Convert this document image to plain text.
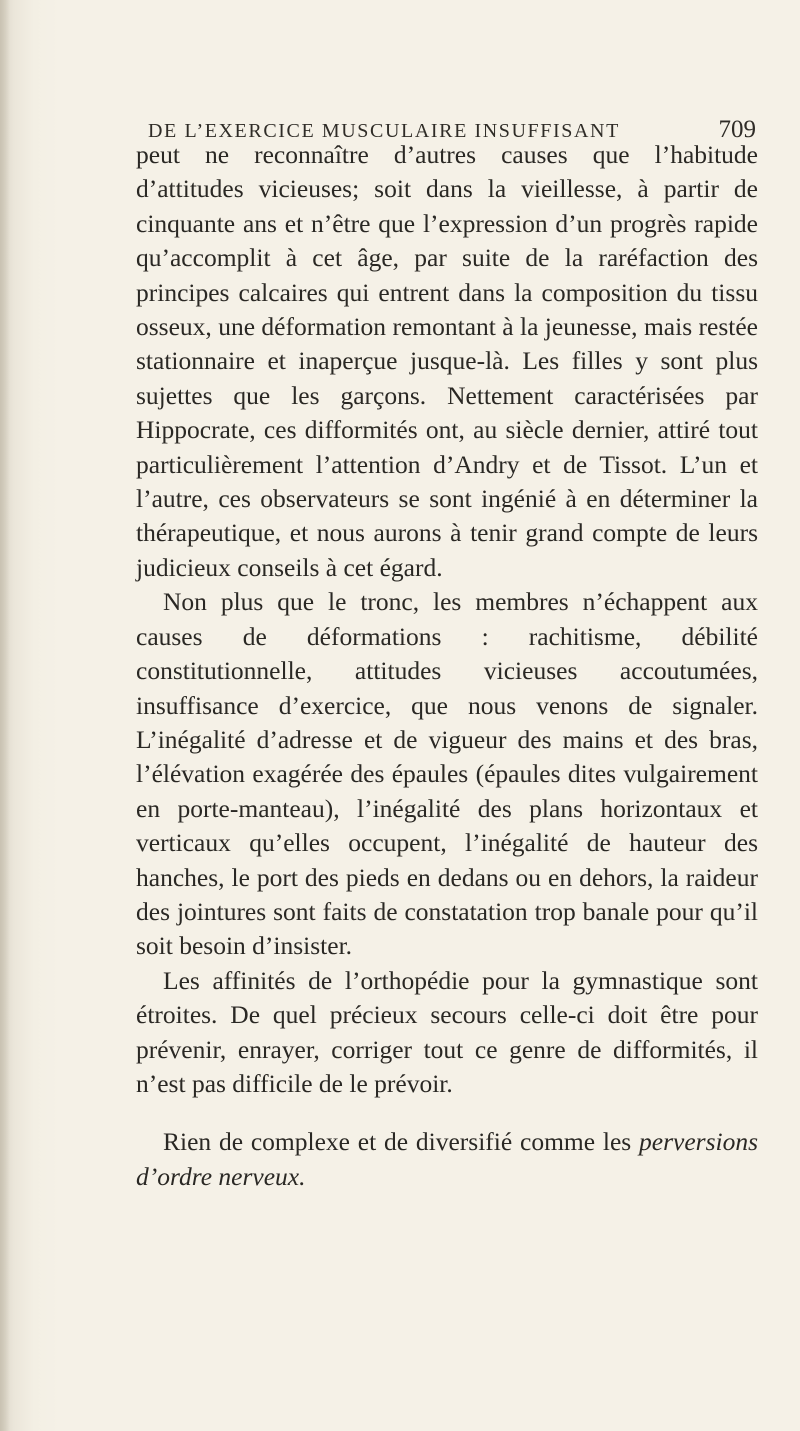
DE L’EXERCICE MUSCULAIRE INSUFFISANT	709

peut ne reconnaître d’autres causes que l’habitude d’attitudes vicieuses; soit dans la vieillesse, à partir de cinquante ans et n’être que l’expression d’un progrès rapide qu’accomplit à cet âge, par suite de la raréfaction des principes calcaires qui entrent dans la composition du tissu osseux, une déformation remontant à la jeunesse, mais restée stationnaire et inaperçue jusque-là. Les filles y sont plus sujettes que les garçons. Nettement caractérisées par Hippocrate, ces difformités ont, au siècle dernier, attiré tout particulièrement l’attention d’Andry et de Tissot. L’un et l’autre, ces observateurs se sont ingénié à en déterminer la thérapeutique, et nous aurons à tenir grand compte de leurs judicieux conseils à cet égard.

Non plus que le tronc, les membres n’échappent aux causes de déformations : rachitisme, débilité constitutionnelle, attitudes vicieuses accoutumées, insuffisance d’exercice, que nous venons de signaler. L’inégalité d’adresse et de vigueur des mains et des bras, l’élévation exagérée des épaules (épaules dites vulgairement en porte-manteau), l’inégalité des plans horizontaux et verticaux qu’elles occupent, l’inégalité de hauteur des hanches, le port des pieds en dedans ou en dehors, la raideur des jointures sont faits de constatation trop banale pour qu’il soit besoin d’insister.

Les affinités de l’orthopédie pour la gymnastique sont étroites. De quel précieux secours celle-ci doit être pour prévenir, enrayer, corriger tout ce genre de difformités, il n’est pas difficile de le prévoir.

Rien de complexe et de diversifié comme les perversions d’ordre nerveux.
